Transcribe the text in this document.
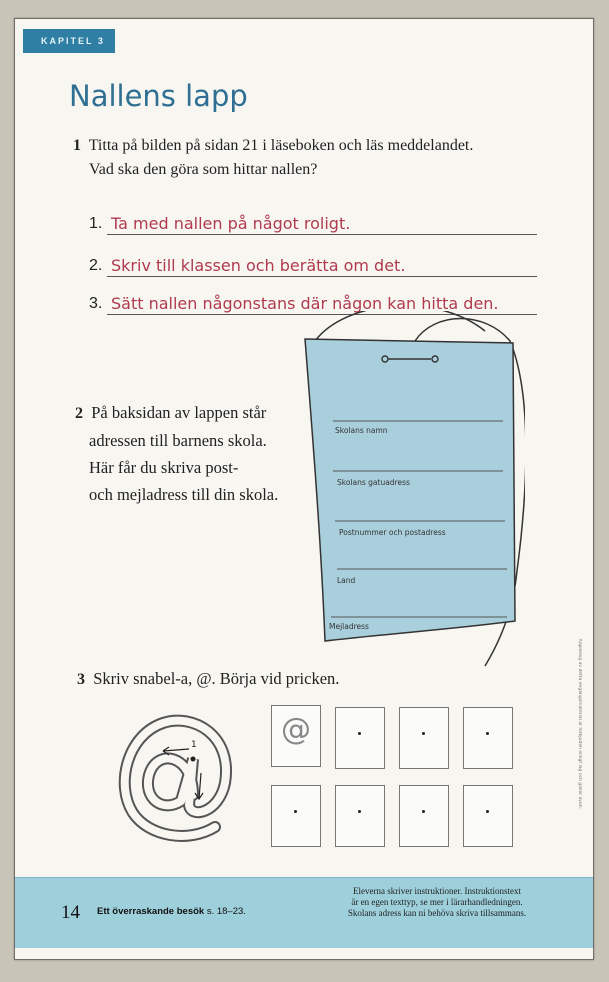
KAPITEL 3
Nallens lapp
1 Titta på bilden på sidan 21 i läseboken och läs meddelandet.
Vad ska den göra som hittar nallen?
1. Ta med nallen på något roligt.
2. Skriv till klassen och berätta om det.
3. Sätt nallen någonstans där någon kan hitta den.
2 På baksidan av lappen står
adressen till barnens skola.
Här får du skriva post-
och mejladress till din skola.
Skolans namn
Skolans gatuadress
Postnummer och postadress
Land
Mejladress
3 Skriv snabel-a, @. Börja vid pricken.
1	@	Kopiering av detta engångsmaterial är förbjuden enligt lag och gäller även.
14 Ett överraskande besök s. 18–23.
Eleverna skriver instruktioner. Instruktionstext
är en egen texttyp, se mer i lärarhandledningen.
Skolans adress kan ni behöva skriva tillsammans.
